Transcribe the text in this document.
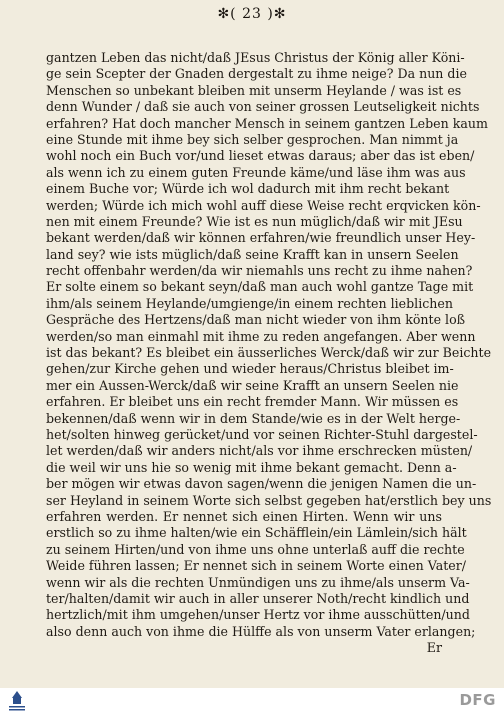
✻( 23 )✻
gantzen Leben das nicht/daß JEsus Christus der König aller Köni-
ge sein Scepter der Gnaden dergestalt zu ihme neige? Da nun die
Menschen so unbekant bleiben mit unserm Heylande / was ist es
denn Wunder / daß sie auch von seiner grossen Leutseligkeit nichts
erfahren? Hat doch mancher Mensch in seinem gantzen Leben kaum
eine Stunde mit ihme bey sich selber gesprochen. Man nimmt ja
wohl noch ein Buch vor/und lieset etwas daraus; aber das ist eben/
als wenn ich zu einem guten Freunde käme/und läse ihm was aus
einem Buche vor; Würde ich wol dadurch mit ihm recht bekant
werden; Würde ich mich wohl auff diese Weise recht erqvicken kön-
nen mit einem Freunde? Wie ist es nun müglich/daß wir mit JEsu
bekant werden/daß wir können erfahren/wie freundlich unser Hey-
land sey? wie ists müglich/daß seine Krafft kan in unsern Seelen
recht offenbahr werden/da wir niemahls uns recht zu ihme nahen?
Er solte einem so bekant seyn/daß man auch wohl gantze Tage mit
ihm/als seinem Heylande/umgienge/in einem rechten lieblichen
Gespräche des Hertzens/daß man nicht wieder von ihm könte loß
werden/so man einmahl mit ihme zu reden angefangen. Aber wenn
ist das bekant? Es bleibet ein äusserliches Werck/daß wir zur Beichte
gehen/zur Kirche gehen und wieder heraus/Christus bleibet im-
mer ein Aussen-Werck/daß wir seine Krafft an unsern Seelen nie
erfahren. Er bleibet uns ein recht fremder Mann. Wir müssen es
bekennen/daß wenn wir in dem Stande/wie es in der Welt herge-
het/solten hinweg gerücket/und vor seinen Richter-Stuhl dargestel-
let werden/daß wir anders nicht/als vor ihme erschrecken müsten/
die weil wir uns hie so wenig mit ihme bekant gemacht. Denn a-
ber mögen wir etwas davon sagen/wenn die jenigen Namen die un-
ser Heyland in seinem Worte sich selbst gegeben hat/erstlich bey uns
erfahren werden. Er nennet sich einen Hirten. Wenn wir uns
erstlich so zu ihme halten/wie ein Schäfflein/ein Lämlein/sich hält
zu seinem Hirten/und von ihme uns ohne unterlaß auff die rechte
Weide führen lassen; Er nennet sich in seinem Worte einen Vater/
wenn wir als die rechten Unmündigen uns zu ihme/als unserm Va-
ter/halten/damit wir auch in aller unserer Noth/recht kindlich und
hertzlich/mit ihm umgehen/unser Hertz vor ihme ausschütten/und
also denn auch von ihme die Hülffe als von unserm Vater erlangen;
Er
DFG
